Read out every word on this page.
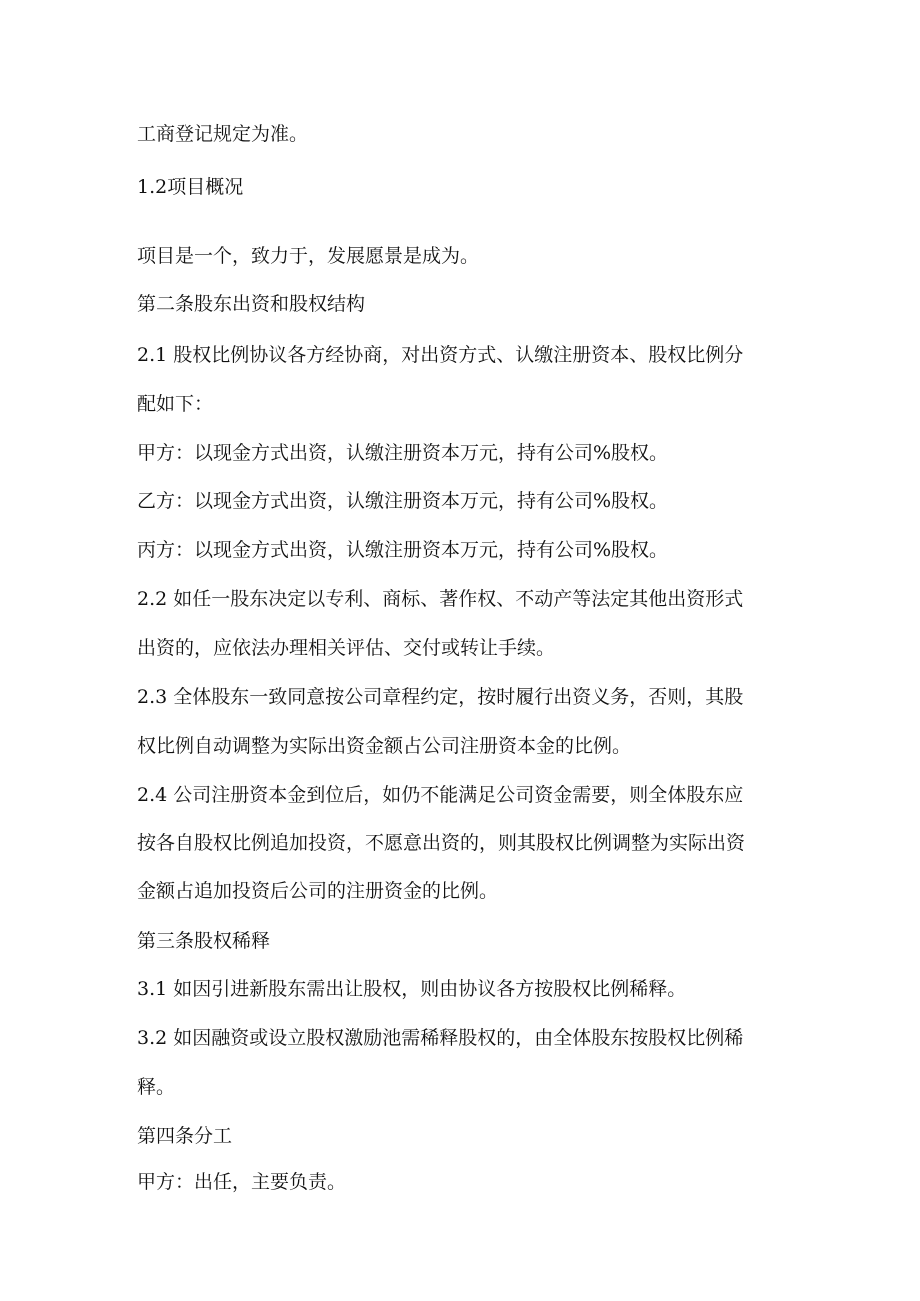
工商登记规定为准。
1.2项目概况
项目是一个，致力于，发展愿景是成为。
第二条股东出资和股权结构
2.1 股权比例协议各方经协商，对出资方式、认缴注册资本、股权比例分
配如下：
甲方：以现金方式出资，认缴注册资本万元，持有公司%股权。
乙方：以现金方式出资，认缴注册资本万元，持有公司%股权。
丙方：以现金方式出资，认缴注册资本万元，持有公司%股权。
2.2 如任一股东决定以专利、商标、著作权、不动产等法定其他出资形式
出资的，应依法办理相关评估、交付或转让手续。
2.3 全体股东一致同意按公司章程约定，按时履行出资义务，否则，其股
权比例自动调整为实际出资金额占公司注册资本金的比例。
2.4 公司注册资本金到位后，如仍不能满足公司资金需要，则全体股东应
按各自股权比例追加投资，不愿意出资的，则其股权比例调整为实际出资
金额占追加投资后公司的注册资金的比例。
第三条股权稀释
3.1 如因引进新股东需出让股权，则由协议各方按股权比例稀释。
3.2 如因融资或设立股权激励池需稀释股权的，由全体股东按股权比例稀
释。
第四条分工
甲方：出任，主要负责。
